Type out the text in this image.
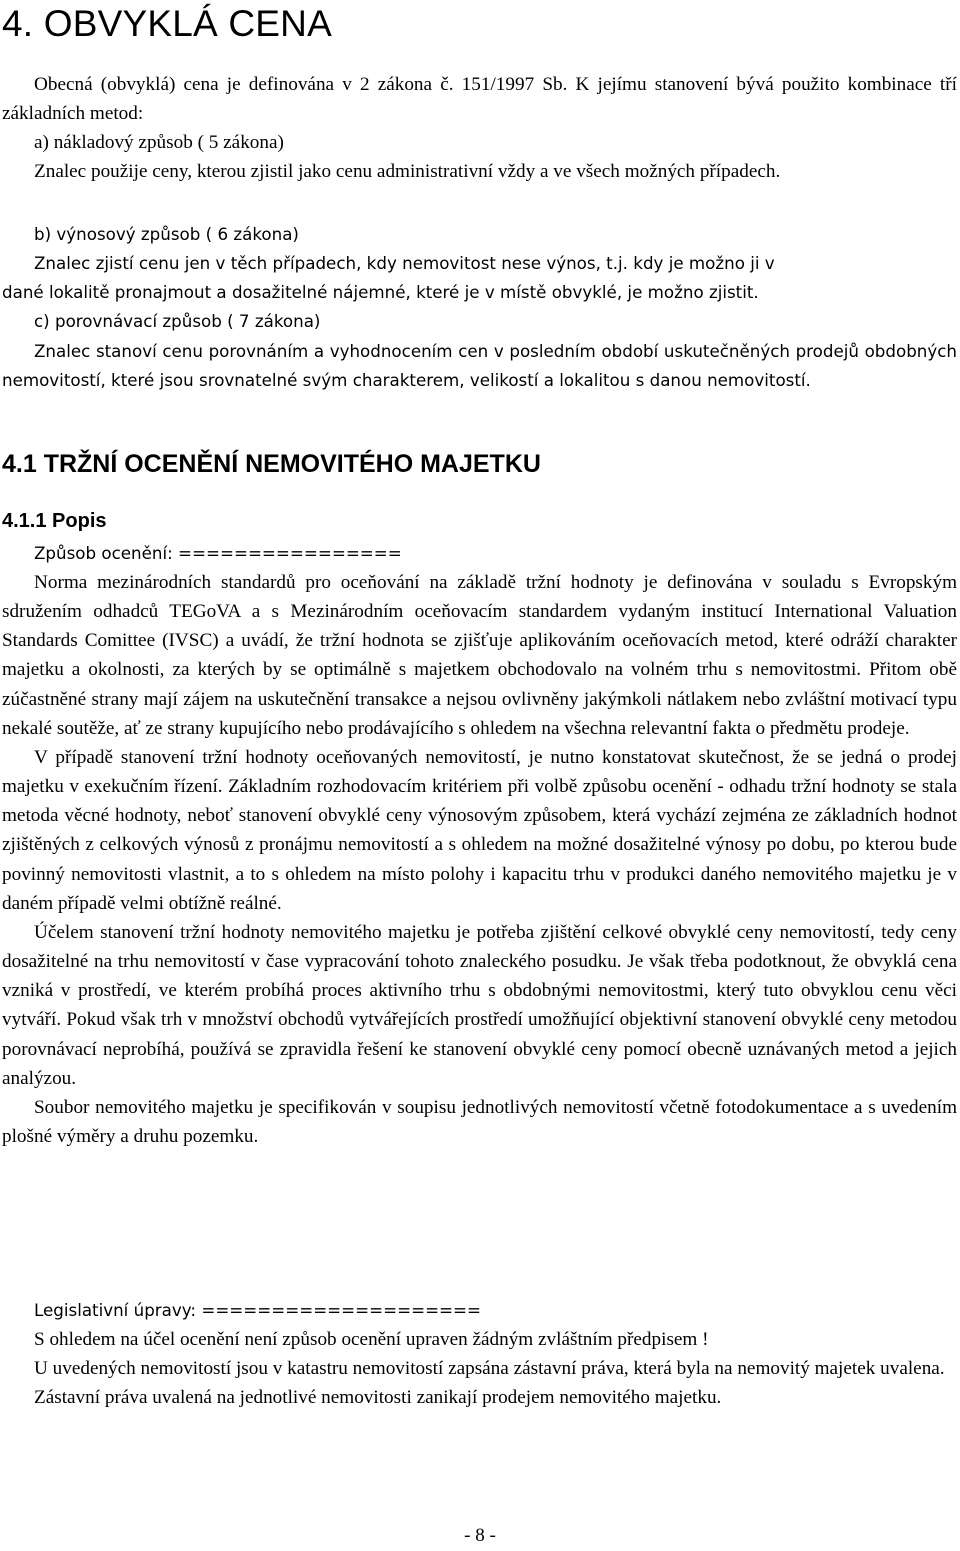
4. OBVYKLÁ CENA

Obecná (obvyklá) cena je definována v 2 zákona č. 151/1997 Sb. K jejímu stanovení bývá použito kombinace tří základních metod:

a) nákladový způsob ( 5 zákona)

Znalec použije ceny, kterou zjistil jako cenu administrativní vždy a ve všech možných případech.

b) výnosový způsob ( 6 zákona)

Znalec zjistí cenu jen v těch případech, kdy nemovitost nese výnos, t.j. kdy je možno ji v

dané lokalitě pronajmout a dosažitelné nájemné, které je v místě obvyklé, je možno zjistit.

c) porovnávací způsob ( 7 zákona)

Znalec stanoví cenu porovnáním a vyhodnocením cen v posledním období uskutečněných prodejů obdobných nemovitostí, které jsou srovnatelné svým charakterem, velikostí a lokalitou s danou nemovitostí.

4.1 TRŽNÍ OCENĚNÍ NEMOVITÉHO MAJETKU
4.1.1 Popis

Způsob ocenění: ================

Norma mezinárodních standardů pro oceňování na základě tržní hodnoty je definována v souladu s Evropským sdružením odhadců TEGoVA a s Mezinárodním oceňovacím standardem vydaným institucí International Valuation Standards Comittee (IVSC) a uvádí, že tržní hodnota se zjišťuje aplikováním oceňovacích metod, které odráží charakter majetku a okolnosti, za kterých by se optimálně s majetkem obchodovalo na volném trhu s nemovitostmi. Přitom obě zúčastněné strany mají zájem na uskutečnění transakce a nejsou ovlivněny jakýmkoli nátlakem nebo zvláštní motivací typu nekalé soutěže, ať ze strany kupujícího nebo prodávajícího s ohledem na všechna relevantní fakta o předmětu prodeje.

V případě stanovení tržní hodnoty oceňovaných nemovitostí, je nutno konstatovat skutečnost, že se jedná o prodej majetku v exekučním řízení. Základním rozhodovacím kritériem při volbě způsobu ocenění - odhadu tržní hodnoty se stala metoda věcné hodnoty, neboť stanovení obvyklé ceny výnosovým způsobem, která vychází zejména ze základních hodnot zjištěných z celkových výnosů z pronájmu nemovitostí a s ohledem na možné dosažitelné výnosy po dobu, po kterou bude povinný nemovitosti vlastnit, a to s ohledem na místo polohy i kapacitu trhu v produkci daného nemovitého majetku je v daném případě velmi obtížně reálné.

Účelem stanovení tržní hodnoty nemovitého majetku je potřeba zjištění celkové obvyklé ceny nemovitostí, tedy ceny dosažitelné na trhu nemovitostí v čase vypracování tohoto znaleckého posudku. Je však třeba podotknout, že obvyklá cena vzniká v prostředí, ve kterém probíhá proces aktivního trhu s obdobnými nemovitostmi, který tuto obvyklou cenu věci vytváří. Pokud však trh v množství obchodů vytvářejících prostředí umožňující objektivní stanovení obvyklé ceny metodou porovnávací neprobíhá, používá se zpravidla řešení ke stanovení obvyklé ceny pomocí obecně uznávaných metod a jejich analýzou.

Soubor nemovitého majetku je specifikován v soupisu jednotlivých nemovitostí včetně fotodokumentace a s uvedením plošné výměry a druhu pozemku.

Legislativní úpravy: ====================

S ohledem na účel ocenění není způsob ocenění upraven žádným zvláštním předpisem !

U uvedených nemovitostí jsou v katastru nemovitostí zapsána zástavní práva, která byla na nemovitý majetek uvalena.

Zástavní práva uvalená na jednotlivé nemovitosti zanikají prodejem nemovitého majetku.

- 8 -
